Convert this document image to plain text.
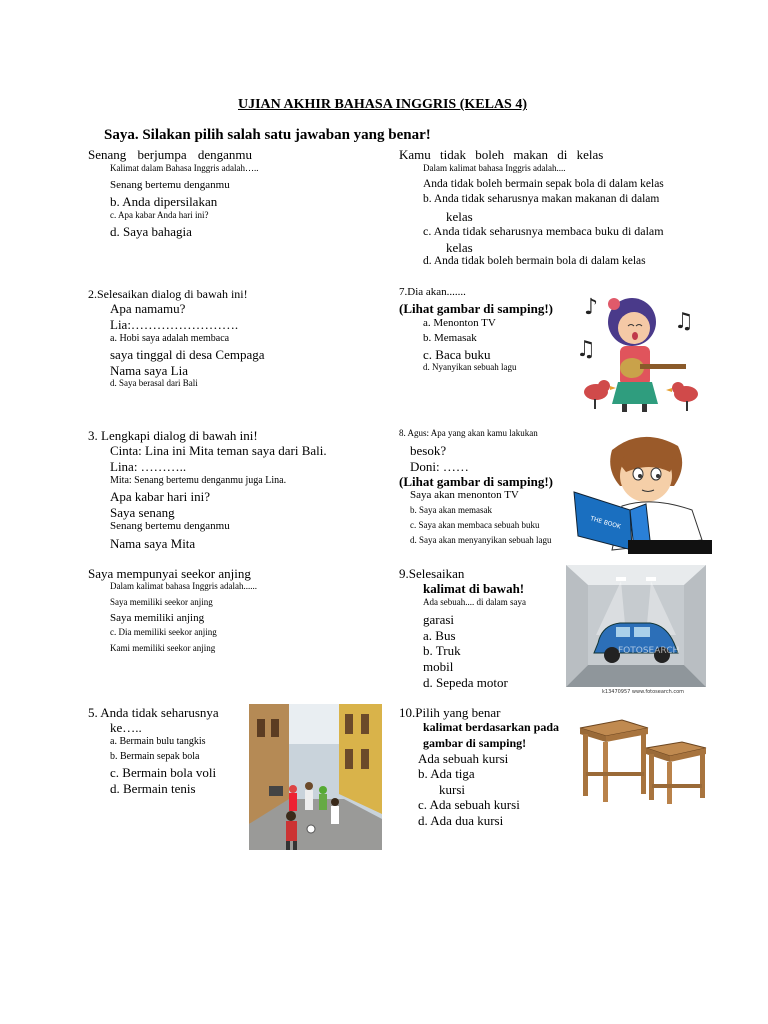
UJIAN AKHIR BAHASA INGGRIS (KELAS 4)
Saya. Silakan pilih salah satu jawaban yang benar!
Senang berjumpa denganmu
Kalimat dalam Bahasa Inggris adalah…..
Senang bertemu denganmu
b. Anda dipersilakan
c. Apa kabar Anda hari ini?
d. Saya bahagia
2.Selesaikan dialog di bawah ini!
Apa namamu?
Lia:…………………….
a. Hobi saya adalah membaca
saya tinggal di desa Cempaga
Nama saya Lia
d. Saya berasal dari Bali
3. Lengkapi dialog di bawah ini!
Cinta: Lina ini Mita teman saya dari Bali.
Lina: ………..
Mita: Senang bertemu denganmu juga Lina.
Apa kabar hari ini?
Saya senang
Senang bertemu denganmu
Nama saya Mita
Saya mempunyai seekor anjing
Dalam kalimat bahasa Inggris adalah......
Saya memiliki seekor anjing
Saya memiliki anjing
c. Dia memiliki seekor anjing
Kami memiliki seekor anjing
5. Anda tidak seharusnya
ke…..
a. Bermain bulu tangkis
b. Bermain sepak bola
c. Bermain bola voli
d. Bermain tenis
Kamu tidak boleh makan di kelas
Dalam kalimat bahasa Inggris adalah....
Anda tidak boleh bermain sepak bola di dalam kelas
b. Anda tidak seharusnya makan makanan di dalam
kelas
c. Anda tidak seharusnya membaca buku di dalam
kelas
d. Anda tidak boleh bermain bola di dalam kelas
7.Dia akan.......
(Lihat gambar di samping!)
a. Menonton TV
b. Memasak
c. Baca buku
d. Nyanyikan sebuah lagu
♪
♫
♫
8. Agus: Apa yang akan kamu lakukan
besok?
Doni: ……
(Lihat gambar di samping!)
Saya akan menonton TV
b. Saya akan memasak
c. Saya akan membaca sebuah buku
d. Saya akan menyanyikan sebuah lagu
THE BOOK
9.Selesaikan
kalimat di bawah!
Ada sebuah.... di dalam saya
garasi
a. Bus
b. Truk
mobil
d. Sepeda motor
FOTOSEARCH
k13470957 www.fotosearch.com
10.Pilih yang benar
kalimat berdasarkan pada
gambar di samping!
Ada sebuah kursi
b. Ada tiga
kursi
c. Ada sebuah kursi
d. Ada dua kursi
